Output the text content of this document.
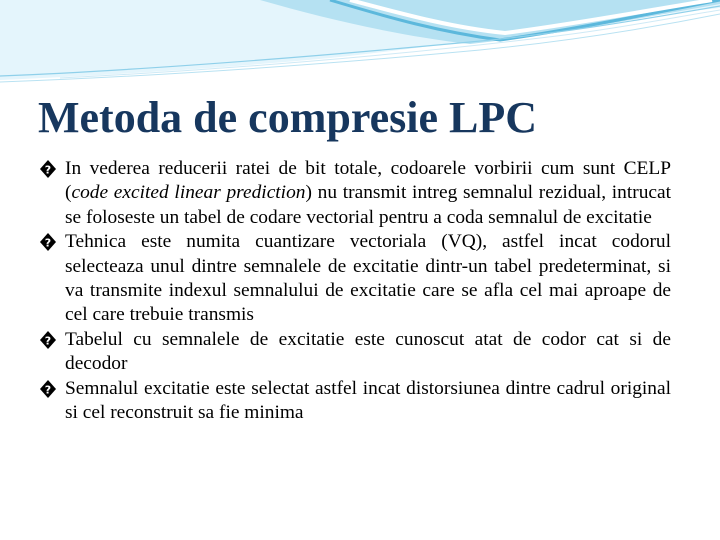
Metoda de compresie LPC
? In vederea reducerii ratei de bit totale, codoarele vorbirii cum sunt CELP (code excited linear prediction) nu transmit intreg semnalul rezidual, intrucat se foloseste un tabel de codare vectorial pentru a coda semnalul de excitatie
? Tehnica este numita cuantizare vectoriala (VQ), astfel incat codorul selecteaza unul dintre semnalele de excitatie dintr-un tabel predeterminat, si va transmite indexul semnalului de excitatie care se afla cel mai aproape de cel care trebuie transmis
? Tabelul cu semnalele de excitatie este cunoscut atat de codor cat si de decodor
? Semnalul excitatie este selectat astfel incat distorsiunea dintre cadrul original si cel reconstruit sa fie minima
